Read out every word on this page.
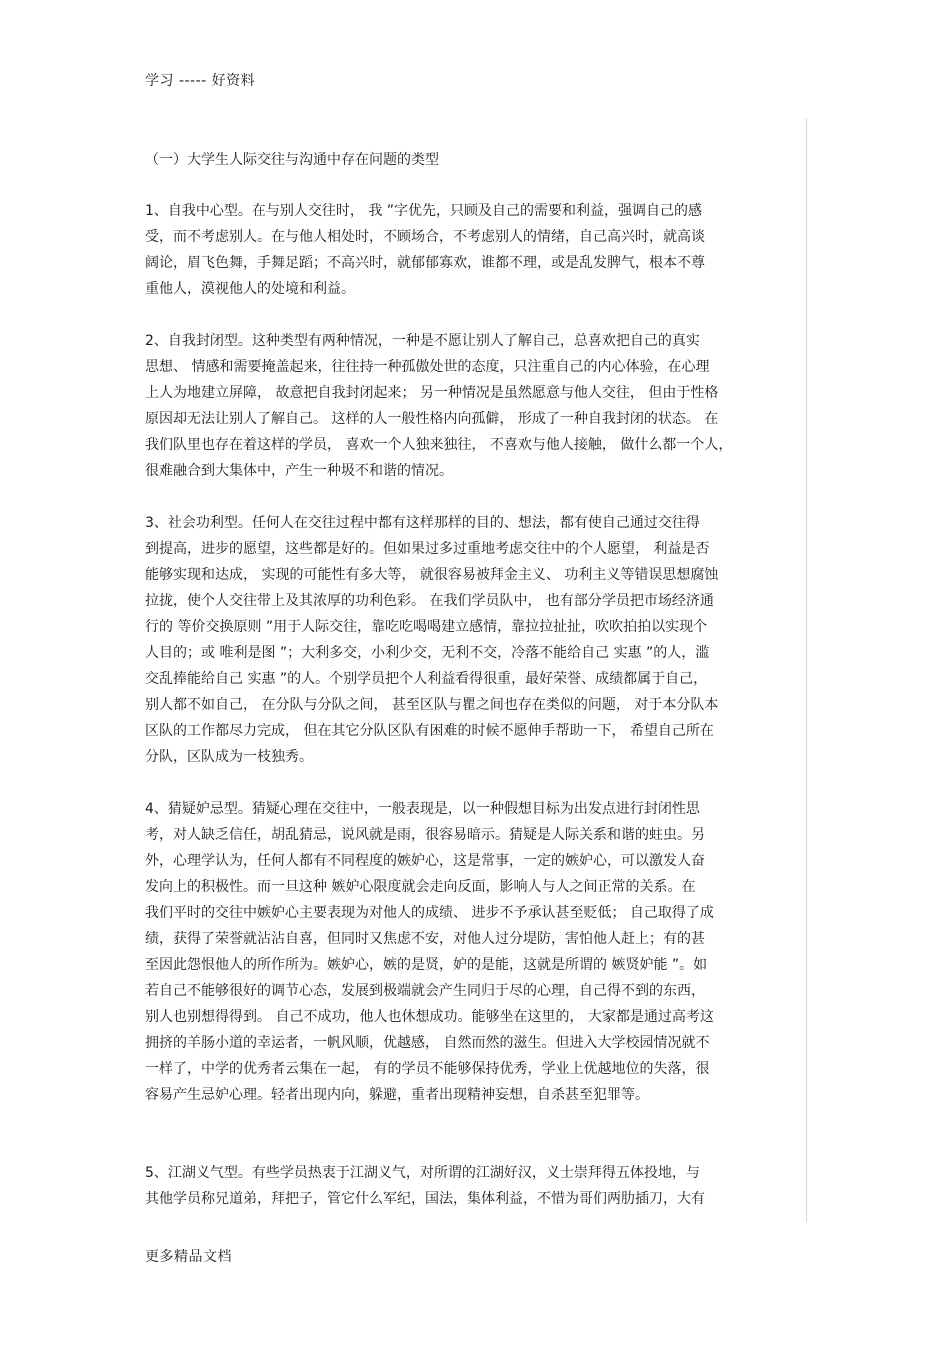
学习 ----- 好资料
（一）大学生人际交往与沟通中存在问题的类型
1、自我中心型。在与别人交往时， 我 ”字优先，只顾及自己的需要和利益，强调自己的感
受，而不考虑别人。在与他人相处时，不顾场合，不考虑别人的情绪，自己高兴时，就高谈
阔论，眉飞色舞，手舞足蹈；不高兴时，就郁郁寡欢，谁都不理，或是乱发脾气，根本不尊
重他人，漠视他人的处境和利益。
2、自我封闭型。这种类型有两种情况，一种是不愿让别人了解自己，总喜欢把自己的真实
思想、 情感和需要掩盖起来，往往持一种孤傲处世的态度，只注重自己的内心体验，在心理
上人为地建立屏障， 故意把自我封闭起来； 另一种情况是虽然愿意与他人交往， 但由于性格
原因却无法让别人了解自己。 这样的人一般性格内向孤僻， 形成了一种自我封闭的状态。 在
我们队里也存在着这样的学员， 喜欢一个人独来独往， 不喜欢与他人接触， 做什么都一个人，
很难融合到大集体中，产生一种圾不和谐的情况。
3、社会功利型。任何人在交往过程中都有这样那样的目的、想法，都有使自己通过交往得
到提高，进步的愿望，这些都是好的。但如果过多过重地考虑交往中的个人愿望， 利益是否
能够实现和达成， 实现的可能性有多大等， 就很容易被拜金主义、 功利主义等错误思想腐蚀
拉拢，使个人交往带上及其浓厚的功利色彩。 在我们学员队中， 也有部分学员把市场经济通
行的 等价交换原则 ”用于人际交往，靠吃吃喝喝建立感情，靠拉拉扯扯，吹吹拍拍以实现个
人目的；或 唯利是图 ”；大利多交，小利少交，无利不交，冷落不能给自己 实惠 ”的人，滥
交乱捧能给自己 实惠 ”的人。个别学员把个人利益看得很重，最好荣誉、成绩都属于自己，
别人都不如自己， 在分队与分队之间， 甚至区队与瞿之间也存在类似的问题， 对于本分队本
区队的工作都尽力完成， 但在其它分队区队有困难的时候不愿伸手帮助一下， 希望自己所在
分队，区队成为一枝独秀。
4、猜疑妒忌型。猜疑心理在交往中，一般表现是，以一种假想目标为出发点进行封闭性思
考，对人缺乏信任，胡乱猜忌，说风就是雨，很容易暗示。猜疑是人际关系和谐的蛀虫。另
外，心理学认为，任何人都有不同程度的嫉妒心，这是常事，一定的嫉妒心，可以激发人奋
发向上的积极性。而一旦这种 嫉妒心限度就会走向反面，影响人与人之间正常的关系。在
我们平时的交往中嫉妒心主要表现为对他人的成绩、 进步不予承认甚至贬低； 自己取得了成
绩，获得了荣誉就沾沾自喜，但同时又焦虑不安，对他人过分堤防，害怕他人赶上；有的甚
至因此怨恨他人的所作所为。嫉妒心，嫉的是贤，妒的是能，这就是所谓的 嫉贤妒能 ”。如
若自己不能够很好的调节心态，发展到极端就会产生同归于尽的心理，自己得不到的东西，
别人也别想得得到。 自己不成功，他人也休想成功。能够坐在这里的， 大家都是通过高考这
拥挤的羊肠小道的幸运者，一帆风顺，优越感， 自然而然的滋生。但进入大学校园情况就不
一样了，中学的优秀者云集在一起， 有的学员不能够保持优秀，学业上优越地位的失落，很
容易产生忌妒心理。轻者出现内向，躲避，重者出现精神妄想，自杀甚至犯罪等。
5、江湖义气型。有些学员热衷于江湖义气，对所谓的江湖好汉，义士崇拜得五体投地，与
其他学员称兄道弟，拜把子，管它什么军纪，国法，集体利益，不惜为哥们两肋插刀，大有
更多精品文档
